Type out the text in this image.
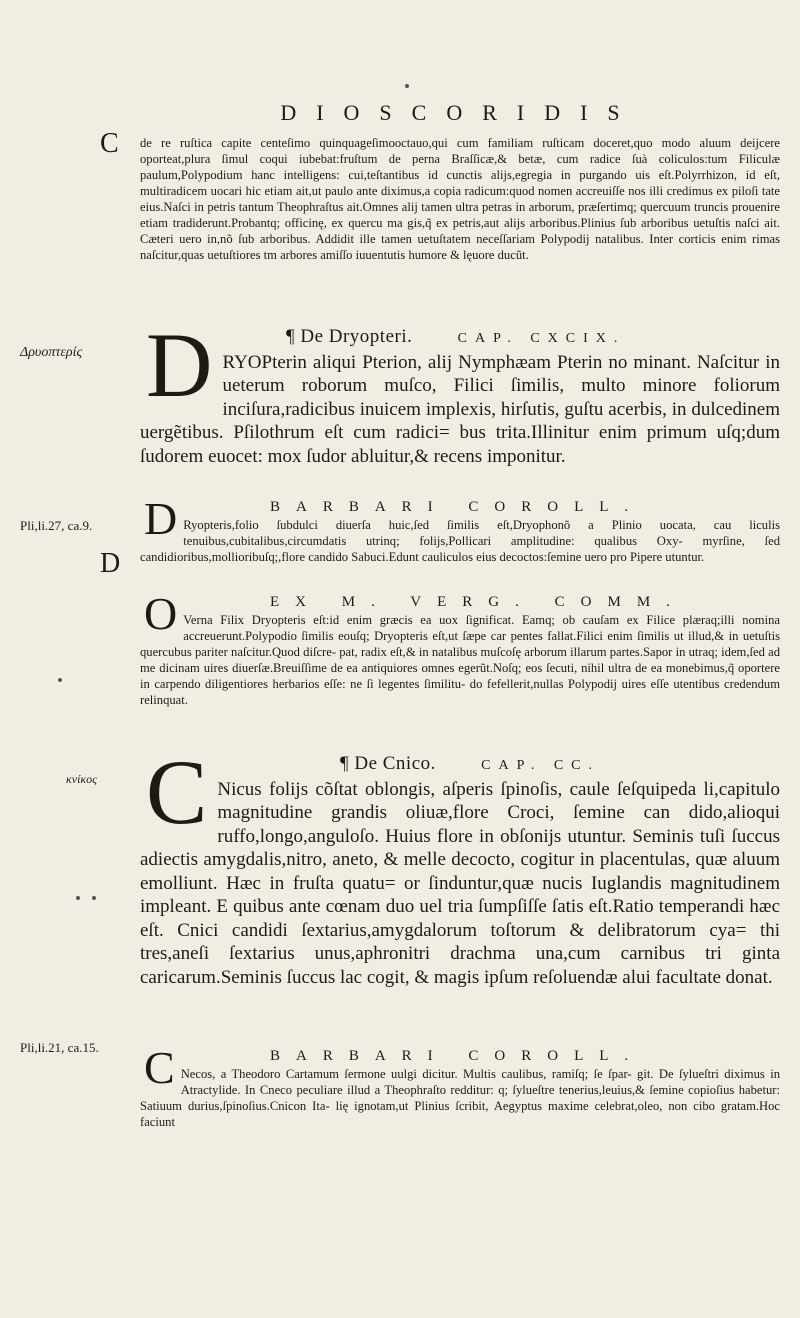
DIOSCORIDIS
C
Δρυοπτερίς
Pli,li.27, ca.9.
D
κνίκος
Pli,li.21, ca.15.

de re ruſtica capite centeſimo quinquageſimooctauo,qui cum familiam ruſticam doceret,quo modo aluum deijcere oporteat,plura ſimul coqui iubebat:fruſtum de perna Braſſicæ,& betæ, cum radice ſuà coliculos:tum Filiculæ paulum,Polypodium hanc intelligens: cui,teſtantibus id cunctis alijs,egregia in purgando uis eſt.Polyrrhizon, id eſt, multiradicem uocari hic etiam ait,ut paulo ante diximus,a copia radicum:quod nomen accreuiſſe nos illi credimus ex piloſi tate eius.Naſci in petris tantum Theophraſtus ait.Omnes alij tamen ultra petras in arborum, præſertimq; quercuum truncis prouenire etiam tradiderunt.Probantq; officinę, ex quercu ma gis,q̃ ex petris,aut alijs arboribus.Plinius ſub arboribus uetuſtis naſci ait. Cæteri uero in,nõ ſub arboribus. Addidit ille tamen uetuſtatem neceſſariam Polypodij natalibus. Inter corticis enim rimas naſcitur,quas uetuſtiores tm arbores amiſſo iuuentutis humore & lęuore ducũt.

¶ De Dryopteri.	CAP. CXCIX.
D RYOPterin aliqui Pterion, alij Nymphæam Pterin no minant. Naſcitur in ueterum roborum muſco, Filici ſimilis, multo minore foliorum inciſura,radicibus inuicem implexis, hirſutis, guſtu acerbis, in dulcedinem uergẽtibus. Pſilothrum eſt cum radici= bus trita.Illinitur enim primum uſq;dum ſudorem euocet: mox ſudor abluitur,& recens imponitur.

BARBARI COROLL.
D Ryopteris,folio ſubdulci diuerſa huic,ſed ſimilis eſt,Dryophonõ a Plinio uocata, cau liculis tenuibus,cubitalibus,circumdatis utrinq; folijs,Pollicari amplitudine: qualibus Oxy- myrſine, ſed candidioribus,mollioribuſq;,flore candido Sabuci.Edunt cauliculos eius decoctos:ſemine uero pro Pipere utuntur.

EX M. VERG. COMM.
O Verna Filix Dryopteris eſt:id enim græcis ea uox ſignificat. Eamq; ob cauſam ex Filice plæraq;illi nomina accreuerunt.Polypodio ſimilis eouſq; Dryopteris eſt,ut ſæpe car pentes fallat.Filici enim ſimilis ut illud,& in uetuſtis quercubus pariter naſcitur.Quod diſcre- pat, radix eſt,& in natalibus muſcoſę arborum illarum partes.Sapor in utraq; idem,ſed ad me dicinam uires diuerſæ.Breuiſſime de ea antiquiores omnes egerũt.Noſq; eos ſecuti, nihil ultra de ea monebimus,q̃ oportere in carpendo diligentiores herbarios eſſe: ne ſi legentes ſimilitu- do fefellerit,nullas Polypodij uires eſſe utentibus credendum relinquat.

¶ De Cnico.	CAP. CC.
C Nicus folijs cõſtat oblongis, aſperis ſpinoſis, caule ſeſquipeda li,capitulo magnitudine grandis oliuæ,flore Croci, ſemine can dido,alioqui ruffo,longo,anguloſo. Huius flore in obſonijs utuntur. Seminis tuſi ſuccus adiectis amygdalis,nitro, aneto, & melle decocto, cogitur in placentulas, quæ aluum emolliunt. Hæc in fruſta quatu= or ſinduntur,quæ nucis Iuglandis magnitudinem impleant. E quibus ante cœnam duo uel tria ſumpſiſſe ſatis eſt.Ratio temperandi hæc eſt. Cnici candidi ſextarius,amygdalorum toſtorum & delibratorum cya= thi tres,aneſi ſextarius unus,aphronitri drachma una,cum carnibus tri ginta caricarum.Seminis ſuccus lac cogit, & magis ipſum reſoluendæ alui facultate donat.

BARBARI COROLL.
C Necos, a Theodoro Cartamum ſermone uulgi dicitur. Multis caulibus, ramiſq; ſe ſpar- git. De ſylueſtri diximus in Atractylide. In Cneco peculiare illud a Theophraſto redditur: q; ſylueſtre tenerius,leuius,& ſemine copioſius habetur: Satiuum durius,ſpinoſius.Cnicon Ita- lię ignotam,ut Plinius ſcribit, Aegyptus maxime celebrat,oleo, non cibo gratam.Hoc faciunt
